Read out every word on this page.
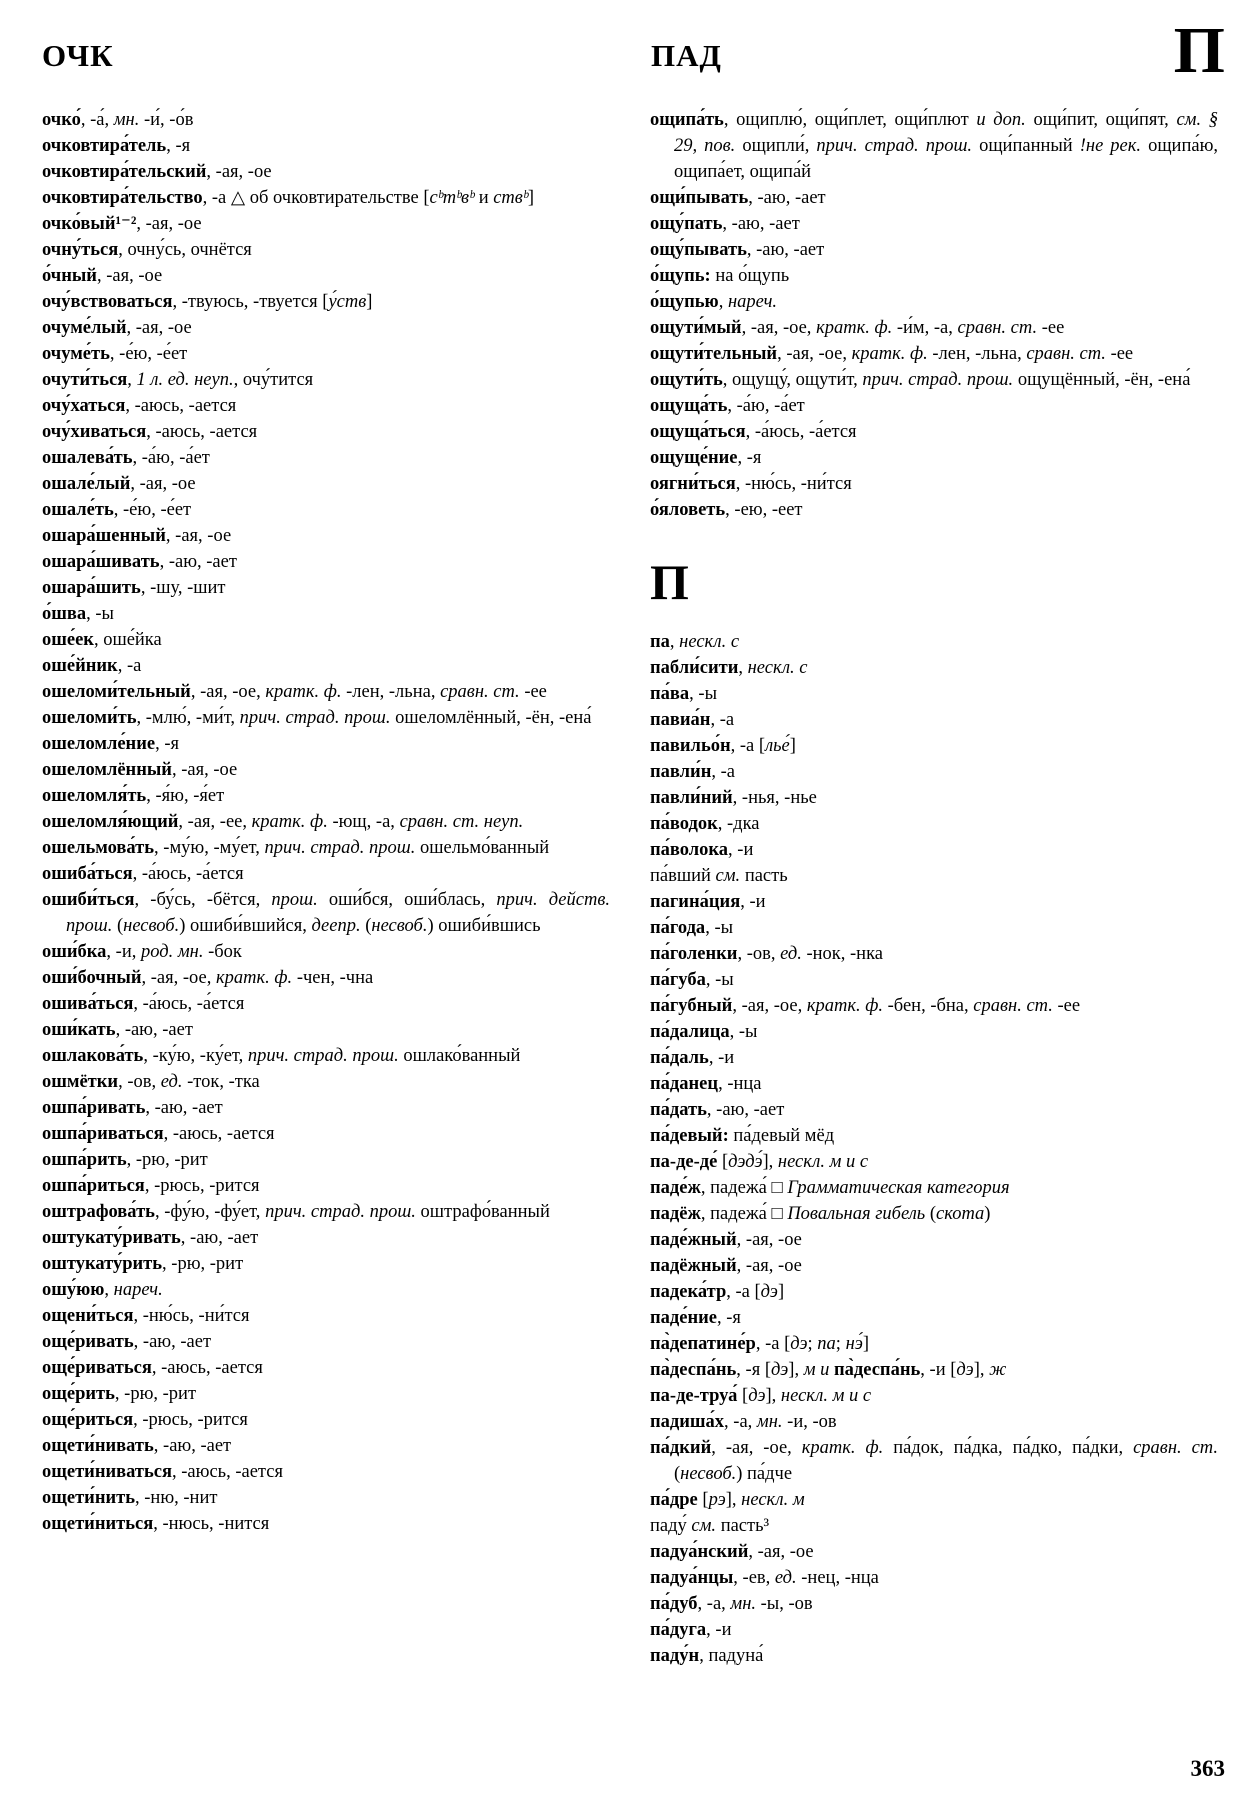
ОЧК	ПАД	П
очко́, -а́, мн. -и́, -о́в
очковтира́тель, -я
очковтира́тельский, -ая, -ое
очковтира́тельство, -а △ об очковтирательстве [cᵇmᵇвᵇ и ствᵇ]
очко́вый¹⁻², -ая, -ое
очну́ться, очну́сь, очнётся
о́чный, -ая, -ое
очу́вствоваться, -твуюсь, -твуется [у́ств]
очуме́лый, -ая, -ое
очуме́ть, -е́ю, -е́ет
очути́ться, 1 л. ед. неуп., очу́тится
очу́хаться, -аюсь, -ается
очу́хиваться, -аюсь, -ается
ошалева́ть, -а́ю, -а́ет
ошале́лый, -ая, -ое
ошале́ть, -е́ю, -е́ет
ошара́шенный, -ая, -ое
ошара́шивать, -аю, -ает
ошара́шить, -шу, -шит
о́шва, -ы
оше́ек, оше́йка
оше́йник, -а
ошеломи́тельный, -ая, -ое, кратк. ф. -лен, -льна, сравн. ст. -ее
ошеломи́ть, -млю́, -ми́т, прич. страд. прош. ошеломлённый, -ён, -ена́
ошеломле́ние, -я
ошеломлённый, -ая, -ое
ошеломля́ть, -я́ю, -я́ет
ошеломля́ющий, -ая, -ее, кратк. ф. -ющ, -а, сравн. ст. неуп.
ошельмова́ть, -му́ю, -му́ет, прич. страд. прош. ошельмо́ванный
ошиба́ться, -а́юсь, -а́ется
ошиби́ться, -бу́сь, -бётся, прош. оши́бся, оши́блась, прич. действ. прош. (несвоб.) ошиби́вшийся, деепр. (несвоб.) ошиби́вшись
оши́бка, -и, род. мн. -бок
оши́бочный, -ая, -ое, кратк. ф. -чен, -чна
ошива́ться, -а́юсь, -а́ется
оши́кать, -аю, -ает
ошлакова́ть, -ку́ю, -ку́ет, прич. страд. прош. ошлако́ванный
ошмётки, -ов, ед. -ток, -тка
ошпа́ривать, -аю, -ает
ошпа́риваться, -аюсь, -ается
ошпа́рить, -рю, -рит
ошпа́риться, -рюсь, -рится
оштрафова́ть, -фу́ю, -фу́ет, прич. страд. прош. оштрафо́ванный
оштукату́ривать, -аю, -ает
оштукату́рить, -рю, -рит
ошу́юю, нареч.
ощени́ться, -ню́сь, -ни́тся
още́ривать, -аю, -ает
още́риваться, -аюсь, -ается
още́рить, -рю, -рит
още́риться, -рюсь, -рится
ощети́нивать, -аю, -ает
ощети́ниваться, -аюсь, -ается
ощети́нить, -ню, -нит
ощети́ниться, -нюсь, -нится
ощипа́ть, ощиплю́, ощи́плет, ощи́плют и доп. ощи́пит, ощи́пят, см. § 29, пов. ощипли́, прич. страд. прош. ощи́панный !не рек. ощипа́ю, ощипа́ет, ощипа́й
ощи́пывать, -аю, -ает
ощу́пать, -аю, -ает
ощу́пывать, -аю, -ает
о́щупь: на о́щупь
о́щупью, нареч.
ощути́мый, -ая, -ое, кратк. ф. -и́м, -а, сравн. ст. -ее
ощути́тельный, -ая, -ое, кратк. ф. -лен, -льна, сравн. ст. -ее
ощути́ть, ощущу́, ощути́т, прич. страд. прош. ощущённый, -ён, -ена́
ощуща́ть, -а́ю, -а́ет
ощуща́ться, -а́юсь, -а́ется
ощуще́ние, -я
оягни́ться, -ню́сь, -ни́тся
о́яловеть, -ею, -еет
П
па, нескл. с
пабли́сити, нескл. с
па́ва, -ы
павиа́н, -а
павильо́н, -а [лье́]
павли́н, -а
павли́ний, -нья, -нье
па́водок, -дка
па́волока, -и
па́вший см. пасть
пагина́ция, -и
па́года, -ы
па́голенки, -ов, ед. -нок, -нка
па́губа, -ы
па́губный, -ая, -ое, кратк. ф. -бен, -бна, сравн. ст. -ее
па́далица, -ы
па́даль, -и
па́данец, -нца
па́дать, -аю, -ает
па́девый: па́девый мёд
па-де-де́ [дэдэ́], нескл. м и с
паде́ж, падежа́ □ Грамматическая категория
падёж, падежа́ □ Повальная гибель (скота)
паде́жный, -ая, -ое
падёжный, -ая, -ое
падека́тр, -а [дэ]
паде́ние, -я
па̀депатине́р, -а [дэ; па; нэ́]
па̀деспа́нь, -я [дэ], м и па̀деспа́нь, -и [дэ], ж
па-де-труа́ [дэ], нескл. м и с
падиша́х, -а, мн. -и, -ов
па́дкий, -ая, -ое, кратк. ф. па́док, па́дка, па́дко, па́дки, сравн. ст. (несвоб.) па́дче
па́дре [рэ], нескл. м
паду́ см. пасть³
падуа́нский, -ая, -ое
падуа́нцы, -ев, ед. -нец, -нца
па́дуб, -а, мн. -ы, -ов
па́дуга, -и
паду́н, падуна́
363
